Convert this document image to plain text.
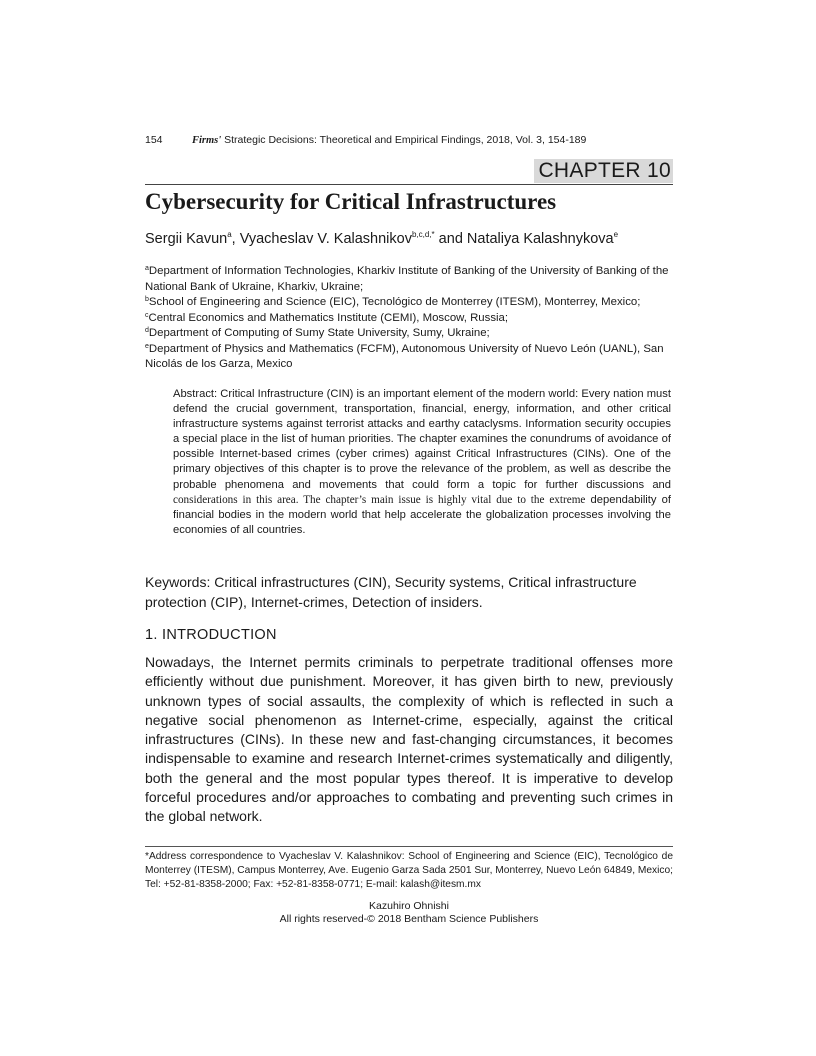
154	Firms' Strategic Decisions: Theoretical and Empirical Findings, 2018, Vol. 3, 154-189
CHAPTER 10
Cybersecurity for Critical Infrastructures
Sergii Kavun$^a$, Vyacheslav V. Kalashnikov$^{b,c,d,*}$ and Nataliya Kalashnykova$^e$

$^a$Department of Information Technologies, Kharkiv Institute of Banking of the University of Banking of the National Bank of Ukraine, Kharkiv, Ukraine;

$^b$School of Engineering and Science (EIC), Tecnológico de Monterrey (ITESM), Monterrey, Mexico;

$^c$Central Economics and Mathematics Institute (CEMI), Moscow, Russia;

$^d$Department of Computing of Sumy State University, Sumy, Ukraine;

$^e$Department of Physics and Mathematics (FCFM), Autonomous University of Nuevo León (UANL), San Nicolás de los Garza, Mexico

Abstract: Critical Infrastructure (CIN) is an important element of the modern world: Every nation must defend the crucial government, transportation, financial, energy, information, and other critical infrastructure systems against terrorist attacks and earthy cataclysms. Information security occupies a special place in the list of human priorities. The chapter examines the conundrums of avoidance of possible Internet-based crimes (cyber crimes) against Critical Infrastructures (CINs). One of the primary objectives of this chapter is to prove the relevance of the problem, as well as describe the probable phenomena and movements that could form a topic for further discussions and considerations in this area. The chapter’s main issue is highly vital due to the extreme dependability of financial bodies in the modern world that help accelerate the globalization processes involving the economies of all countries.
Keywords: Critical infrastructures (CIN), Security systems, Critical infrastructure protection (CIP), Internet-crimes, Detection of insiders.
1. INTRODUCTION
Nowadays, the Internet permits criminals to perpetrate traditional offenses more efficiently without due punishment. Moreover, it has given birth to new, previously unknown types of social assaults, the complexity of which is reflected in such a negative social phenomenon as Internet-crime, especially, against the critical infrastructures (CINs). In these new and fast-changing circumstances, it becomes indispensable to examine and research Internet-crimes systematically and diligently, both the general and the most popular types thereof. It is imperative to develop forceful procedures and/or approaches to combating and preventing such crimes in the global network.
*Address correspondence to Vyacheslav V. Kalashnikov: School of Engineering and Science (EIC), Tecnológico de Monterrey (ITESM), Campus Monterrey, Ave. Eugenio Garza Sada 2501 Sur, Monterrey, Nuevo León 64849, Mexico; Tel: +52-81-8358-2000; Fax: +52-81-8358-0771; E-mail: kalash@itesm.mx
Kazuhiro Ohnishi
All rights reserved-© 2018 Bentham Science Publishers
